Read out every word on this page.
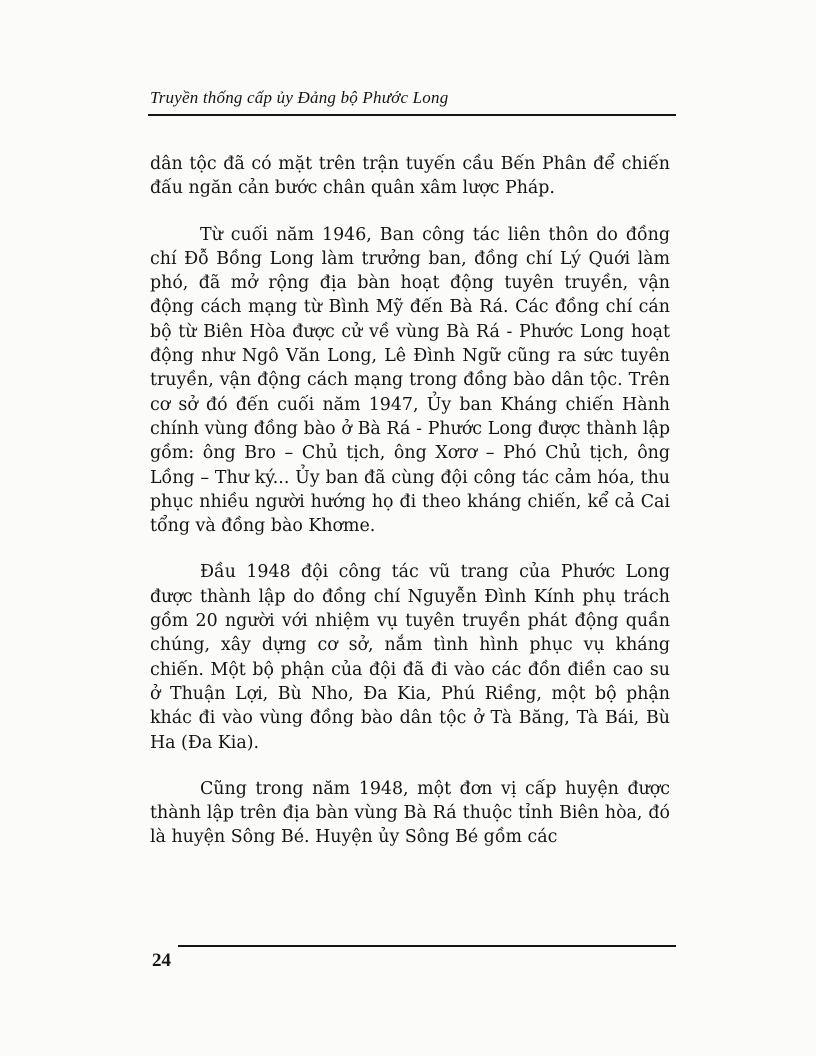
Truyền thống cấp ủy Đảng bộ Phước Long

dân tộc đã có mặt trên trận tuyến cầu Bến Phân để chiến đấu ngăn cản bước chân quân xâm lược Pháp.

Từ cuối năm 1946, Ban công tác liên thôn do đồng chí Đỗ Bồng Long làm trưởng ban, đồng chí Lý Quới làm phó, đã mở rộng địa bàn hoạt động tuyên truyền, vận động cách mạng từ Bình Mỹ đến Bà Rá. Các đồng chí cán bộ từ Biên Hòa được cử về vùng Bà Rá - Phước Long hoạt động như Ngô Văn Long, Lê Đình Ngữ cũng ra sức tuyên truyền, vận động cách mạng trong đồng bào dân tộc. Trên cơ sở đó đến cuối năm 1947, Ủy ban Kháng chiến Hành chính vùng đồng bào ở Bà Rá - Phước Long được thành lập gồm: ông Bro – Chủ tịch, ông Xơrơ – Phó Chủ tịch, ông Lồng – Thư ký... Ủy ban đã cùng đội công tác cảm hóa, thu phục nhiều người hướng họ đi theo kháng chiến, kể cả Cai tổng và đồng bào Khơme.

Đầu 1948 đội công tác vũ trang của Phước Long được thành lập do đồng chí Nguyễn Đình Kính phụ trách gồm 20 người với nhiệm vụ tuyên truyền phát động quần chúng, xây dựng cơ sở, nắm tình hình phục vụ kháng chiến. Một bộ phận của đội đã đi vào các đồn điền cao su ở Thuận Lợi, Bù Nho, Đa Kia, Phú Riềng, một bộ phận khác đi vào vùng đồng bào dân tộc ở Tà Băng, Tà Bái, Bù Ha (Đa Kia).

Cũng trong năm 1948, một đơn vị cấp huyện được thành lập trên địa bàn vùng Bà Rá thuộc tỉnh Biên hòa, đó là huyện Sông Bé. Huyện ủy Sông Bé gồm các

24
